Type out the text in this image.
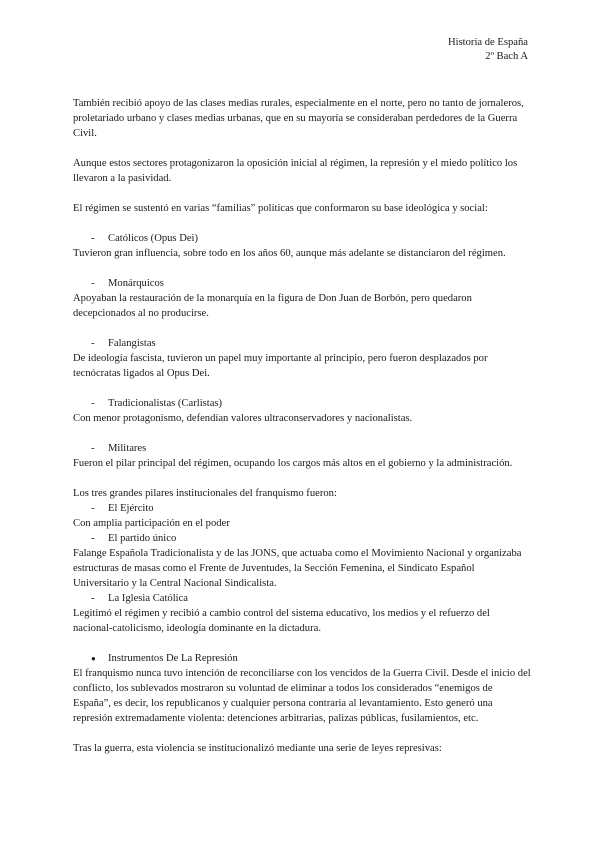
Historia de España
2º Bach A

También recibió apoyo de las clases medias rurales, especialmente en el norte, pero no tanto de jornaleros, proletariado urbano y clases medias urbanas, que en su mayoría se consideraban perdedores de la Guerra Civil.

Aunque estos sectores protagonizaron la oposición inicial al régimen, la represión y el miedo político los llevaron a la pasividad.

El régimen se sustentó en varias “familias” políticas que conformaron su base ideológica y social:

- Católicos (Opus Dei)

Tuvieron gran influencia, sobre todo en los años 60, aunque más adelante se distanciaron del régimen.

- Monárquicos

Apoyaban la restauración de la monarquía en la figura de Don Juan de Borbón, pero quedaron decepcionados al no producirse.

- Falangistas

De ideología fascista, tuvieron un papel muy importante al principio, pero fueron desplazados por tecnócratas ligados al Opus Dei.

- Tradicionalistas (Carlistas)

Con menor protagonismo, defendían valores ultraconservadores y nacionalistas.

- Militares

Fueron el pilar principal del régimen, ocupando los cargos más altos en el gobierno y la administración.

Los tres grandes pilares institucionales del franquismo fueron:

- El Ejército

Con amplia participación en el poder

- El partido único

Falange Española Tradicionalista y de las JONS, que actuaba como el Movimiento Nacional y organizaba estructuras de masas como el Frente de Juventudes, la Sección Femenina, el Sindicato Español Universitario y la Central Nacional Sindicalista.

- La Iglesia Católica

Legitimó el régimen y recibió a cambio control del sistema educativo, los medios y el refuerzo del nacional-catolicismo, ideología dominante en la dictadura.

● Instrumentos De La Represión

El franquismo nunca tuvo intención de reconciliarse con los vencidos de la Guerra Civil. Desde el inicio del conflicto, los sublevados mostraron su voluntad de eliminar a todos los considerados “enemigos de España”, es decir, los republicanos y cualquier persona contraria al levantamiento. Esto generó una represión extremadamente violenta: detenciones arbitrarias, palizas públicas, fusilamientos, etc.

Tras la guerra, esta violencia se institucionalizó mediante una serie de leyes represivas:
